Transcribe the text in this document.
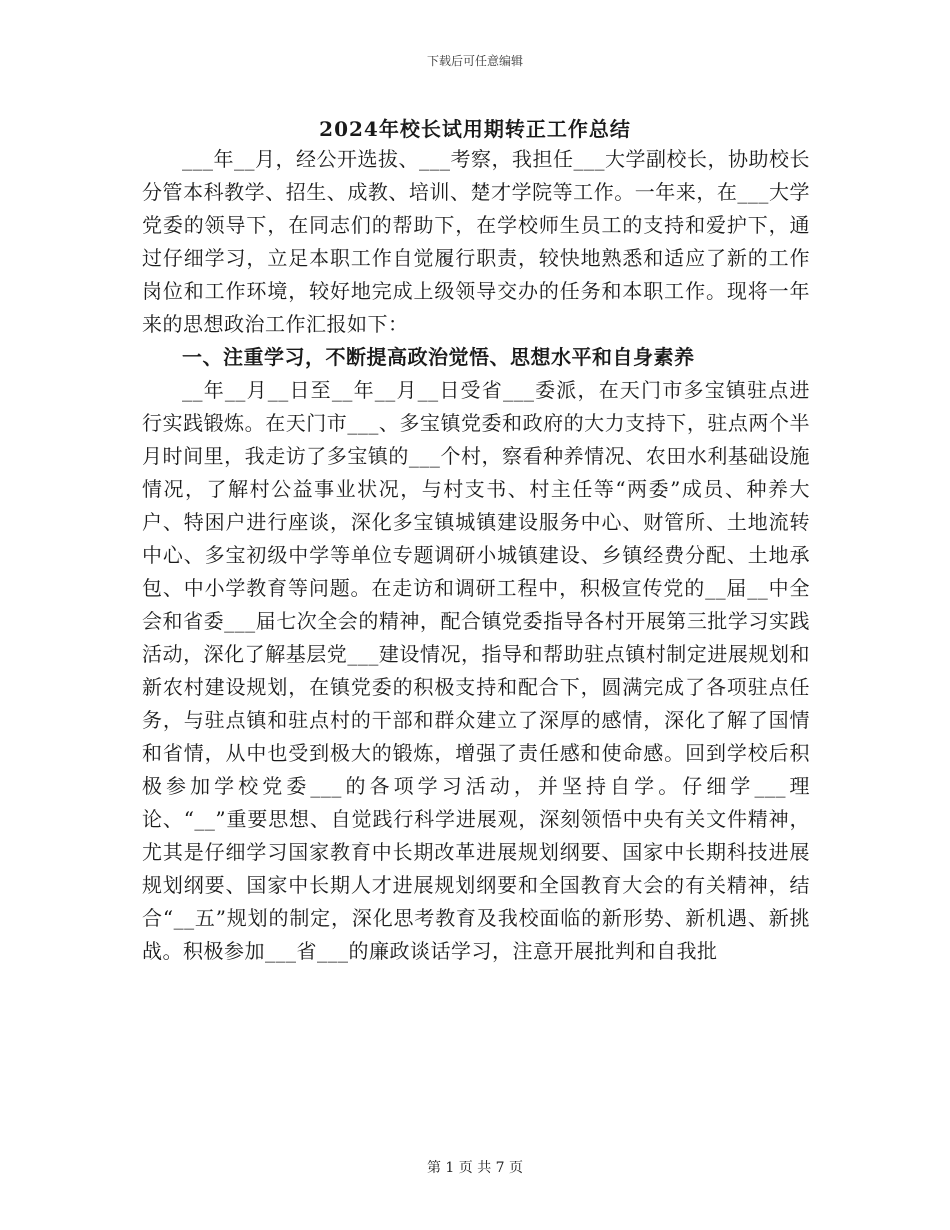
下载后可任意编辑
2024年校长试用期转正工作总结

___年__月，经公开选拔、___考察，我担任___大学副校长，协助校长分管本科教学、招生、成教、培训、楚才学院等工作。一年来，在___大学党委的领导下，在同志们的帮助下，在学校师生员工的支持和爱护下，通过仔细学习，立足本职工作自觉履行职责，较快地熟悉和适应了新的工作岗位和工作环境，较好地完成上级领导交办的任务和本职工作。现将一年来的思想政治工作汇报如下：

一、注重学习，不断提高政治觉悟、思想水平和自身素养

__年__月__日至__年__月__日受省___委派，在天门市多宝镇驻点进行实践锻炼。在天门市___、多宝镇党委和政府的大力支持下，驻点两个半月时间里，我走访了多宝镇的___个村，察看种养情况、农田水利基础设施情况，了解村公益事业状况，与村支书、村主任等“两委”成员、种养大户、特困户进行座谈，深化多宝镇城镇建设服务中心、财管所、土地流转中心、多宝初级中学等单位专题调研小城镇建设、乡镇经费分配、土地承包、中小学教育等问题。在走访和调研工程中，积极宣传党的__届__中全会和省委___届七次全会的精神，配合镇党委指导各村开展第三批学习实践活动，深化了解基层党___建设情况，指导和帮助驻点镇村制定进展规划和新农村建设规划，在镇党委的积极支持和配合下，圆满完成了各项驻点任务，与驻点镇和驻点村的干部和群众建立了深厚的感情，深化了解了国情和省情，从中也受到极大的锻炼，增强了责任感和使命感。回到学校后积极参加学校党委___的各项学习活动，并坚持自学。仔细学___理论、“__”重要思想、自觉践行科学进展观，深刻领悟中央有关文件精神，尤其是仔细学习国家教育中长期改革进展规划纲要、国家中长期科技进展规划纲要、国家中长期人才进展规划纲要和全国教育大会的有关精神，结合“__五”规划的制定，深化思考教育及我校面临的新形势、新机遇、新挑战。积极参加___省___的廉政谈话学习，注意开展批判和自我批

第 1 页 共 7 页
